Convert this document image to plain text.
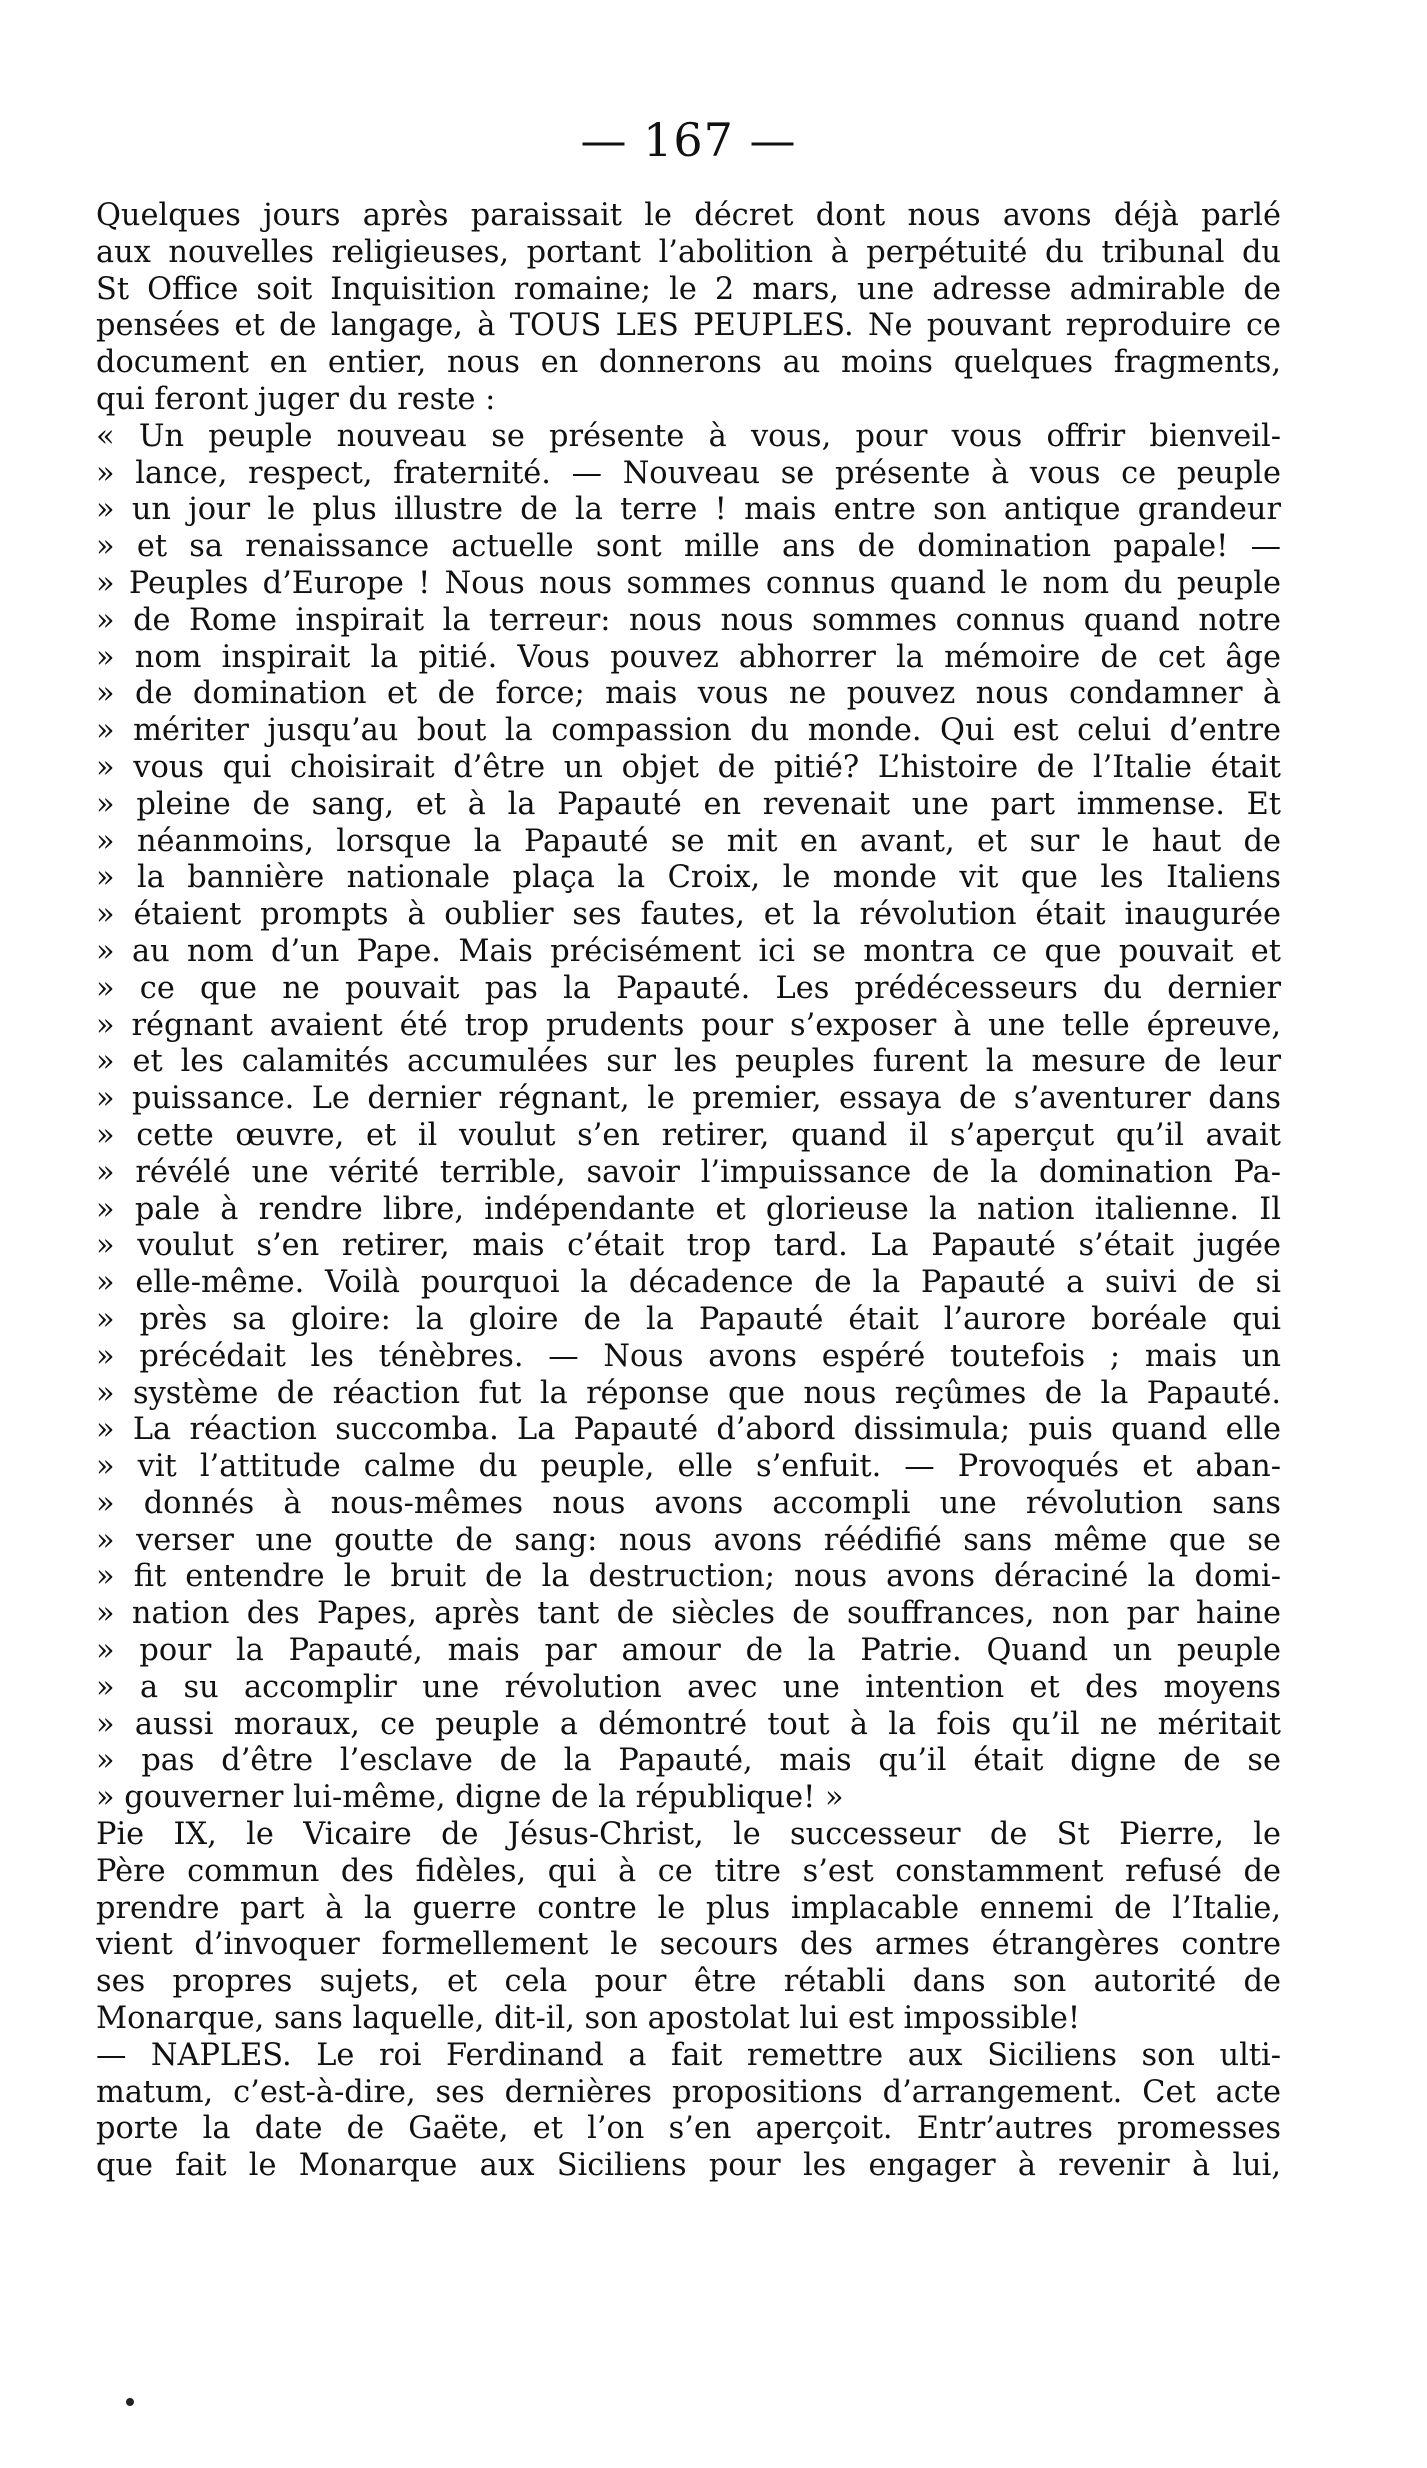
— 167 —
Quelques jours après paraissait le décret dont nous avons déjà parlé
aux nouvelles religieuses, portant l’abolition à perpétuité du tribunal du
St Office soit Inquisition romaine; le 2 mars, une adresse admirable de
pensées et de langage, à TOUS LES PEUPLES. Ne pouvant reproduire ce
document en entier, nous en donnerons au moins quelques fragments,
qui feront juger du reste :
« Un peuple nouveau se présente à vous, pour vous offrir bienveil-
» lance, respect, fraternité. — Nouveau se présente à vous ce peuple
» un jour le plus illustre de la terre ! mais entre son antique grandeur
» et sa renaissance actuelle sont mille ans de domination papale! —
» Peuples d’Europe ! Nous nous sommes connus quand le nom du peuple
» de Rome inspirait la terreur: nous nous sommes connus quand notre
» nom inspirait la pitié. Vous pouvez abhorrer la mémoire de cet âge
» de domination et de force; mais vous ne pouvez nous condamner à
» mériter jusqu’au bout la compassion du monde. Qui est celui d’entre
» vous qui choisirait d’être un objet de pitié? L’histoire de l’Italie était
» pleine de sang, et à la Papauté en revenait une part immense. Et
» néanmoins, lorsque la Papauté se mit en avant, et sur le haut de
» la bannière nationale plaça la Croix, le monde vit que les Italiens
» étaient prompts à oublier ses fautes, et la révolution était inaugurée
» au nom d’un Pape. Mais précisément ici se montra ce que pouvait et
» ce que ne pouvait pas la Papauté. Les prédécesseurs du dernier
» régnant avaient été trop prudents pour s’exposer à une telle épreuve,
» et les calamités accumulées sur les peuples furent la mesure de leur
» puissance. Le dernier régnant, le premier, essaya de s’aventurer dans
» cette œuvre, et il voulut s’en retirer, quand il s’aperçut qu’il avait
» révélé une vérité terrible, savoir l’impuissance de la domination Pa-
» pale à rendre libre, indépendante et glorieuse la nation italienne. Il
» voulut s’en retirer, mais c’était trop tard. La Papauté s’était jugée
» elle-même. Voilà pourquoi la décadence de la Papauté a suivi de si
» près sa gloire: la gloire de la Papauté était l’aurore boréale qui
» précédait les ténèbres. — Nous avons espéré toutefois ; mais un
» système de réaction fut la réponse que nous reçûmes de la Papauté.
» La réaction succomba. La Papauté d’abord dissimula; puis quand elle
» vit l’attitude calme du peuple, elle s’enfuit. — Provoqués et aban-
» donnés à nous-mêmes nous avons accompli une révolution sans
» verser une goutte de sang: nous avons réédifié sans même que se
» fit entendre le bruit de la destruction; nous avons déraciné la domi-
» nation des Papes, après tant de siècles de souffrances, non par haine
» pour la Papauté, mais par amour de la Patrie. Quand un peuple
» a su accomplir une révolution avec une intention et des moyens
» aussi moraux, ce peuple a démontré tout à la fois qu’il ne méritait
» pas d’être l’esclave de la Papauté, mais qu’il était digne de se
» gouverner lui-même, digne de la république! »
Pie IX, le Vicaire de Jésus-Christ, le successeur de St Pierre, le
Père commun des fidèles, qui à ce titre s’est constamment refusé de
prendre part à la guerre contre le plus implacable ennemi de l’Italie,
vient d’invoquer formellement le secours des armes étrangères contre
ses propres sujets, et cela pour être rétabli dans son autorité de
Monarque, sans laquelle, dit-il, son apostolat lui est impossible!
— NAPLES. Le roi Ferdinand a fait remettre aux Siciliens son ulti-
matum, c’est-à-dire, ses dernières propositions d’arrangement. Cet acte
porte la date de Gaëte, et l’on s’en aperçoit. Entr’autres promesses
que fait le Monarque aux Siciliens pour les engager à revenir à lui,
